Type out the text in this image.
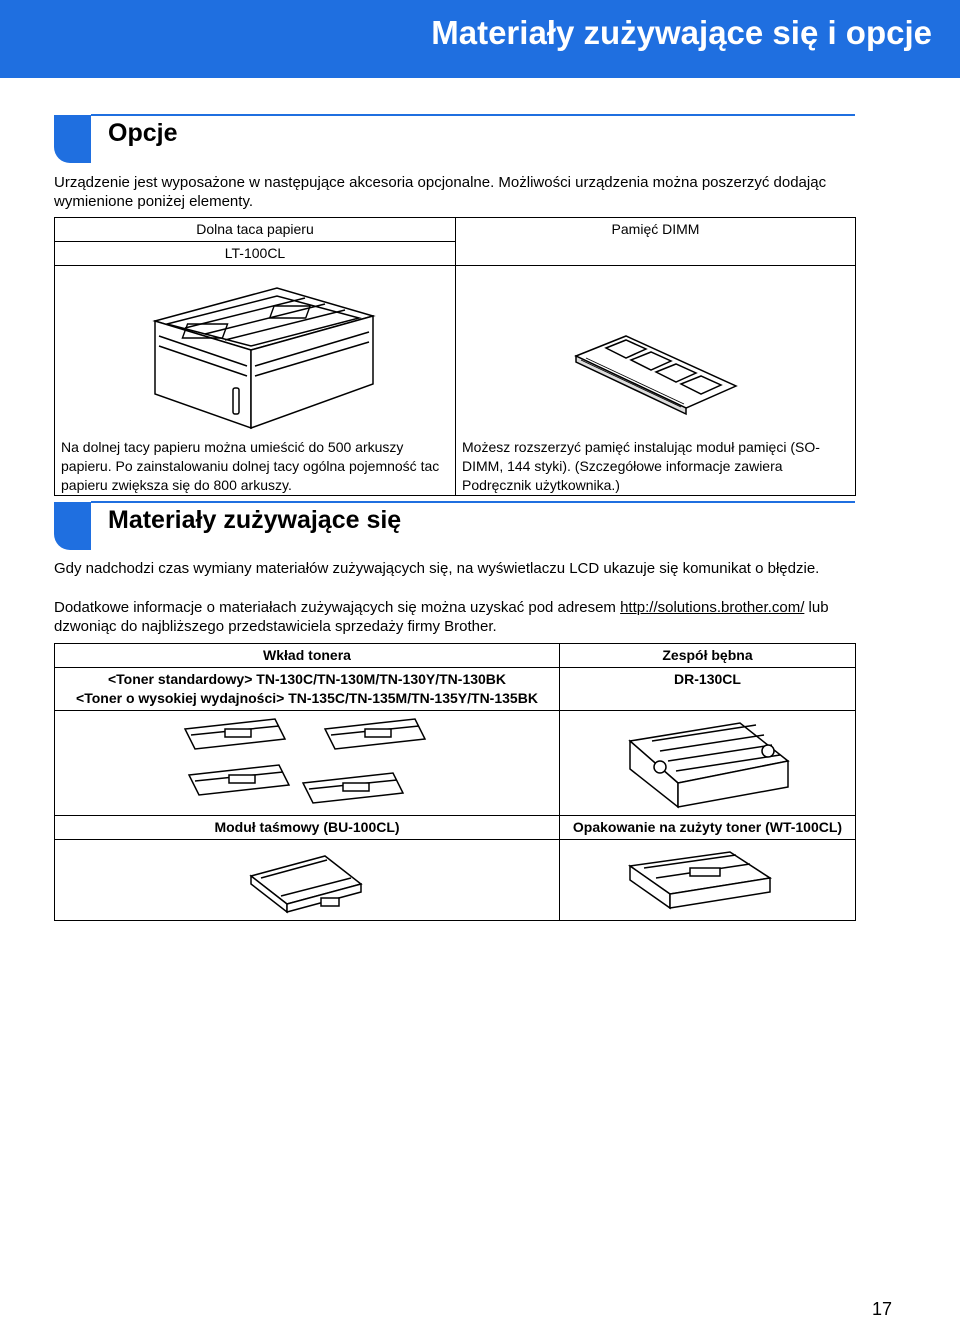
Materiały zużywające się i opcje
Opcje
Urządzenie jest wyposażone w następujące akcesoria opcjonalne. Możliwości urządzenia można poszerzyć dodając wymienione poniżej elementy.
Dolna taca papieru	Pamięć DIMM

LT-100CL	

Na dolnej tacy papieru można umieścić do 500 arkuszy papieru. Po zainstalowaniu dolnej tacy ogólna pojemność tac papieru zwiększa się do 800 arkuszy.	Możesz rozszerzyć pamięć instalując moduł pamięci (SO-DIMM, 144 styki). (Szczegółowe informacje zawiera Podręcznik użytkownika.)
Materiały zużywające się
Gdy nadchodzi czas wymiany materiałów zużywających się, na wyświetlaczu LCD ukazuje się komunikat o błędzie.
Dodatkowe informacje o materiałach zużywających się można uzyskać pod adresem http://solutions.brother.com/ lub dzwoniąc do najbliższego przedstawiciela sprzedaży firmy Brother.
Wkład tonera	Zespół bębna

<Toner standardowy> TN-130C/TN-130M/TN-130Y/TN-130BK
<Toner o wysokiej wydajności> TN-135C/TN-135M/TN-135Y/TN-135BK	DR-130CL

Moduł taśmowy (BU-100CL)	Opakowanie na zużyty toner (WT-100CL)

17
